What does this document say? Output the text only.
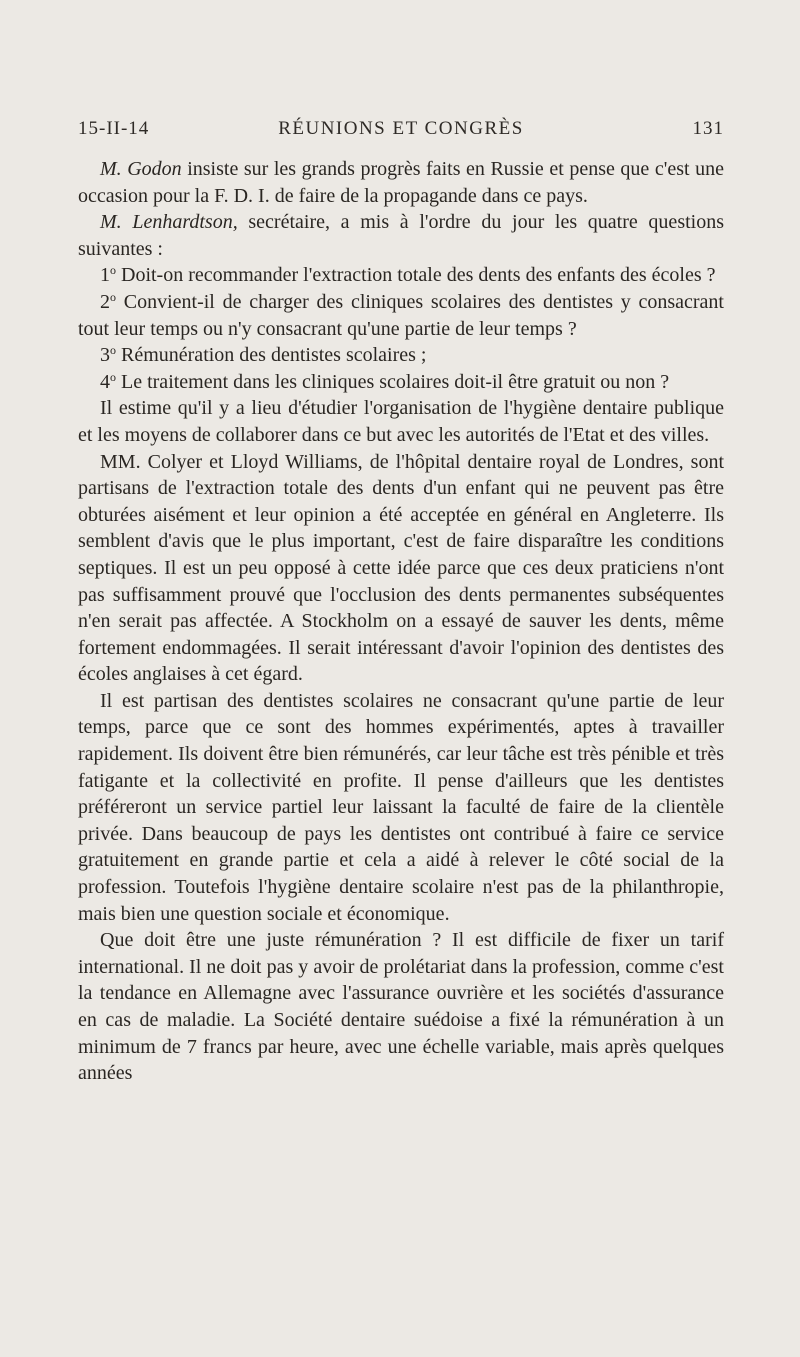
15-II-14	RÉUNIONS ET CONGRÈS	131

M. Godon insiste sur les grands progrès faits en Russie et pense que c'est une occasion pour la F. D. I. de faire de la propagande dans ce pays.

M. Lenhardtson, secrétaire, a mis à l'ordre du jour les quatre questions suivantes :

1$^o$ Doit-on recommander l'extraction totale des dents des enfants des écoles ?

2$^o$ Convient-il de charger des cliniques scolaires des dentistes y consacrant tout leur temps ou n'y consacrant qu'une partie de leur temps ?

3$^o$ Rémunération des dentistes scolaires ;

4$^o$ Le traitement dans les cliniques scolaires doit-il être gratuit ou non ?

Il estime qu'il y a lieu d'étudier l'organisation de l'hygiène dentaire publique et les moyens de collaborer dans ce but avec les autorités de l'Etat et des villes.

MM. Colyer et Lloyd Williams, de l'hôpital dentaire royal de Londres, sont partisans de l'extraction totale des dents d'un enfant qui ne peuvent pas être obturées aisément et leur opinion a été acceptée en général en Angleterre. Ils semblent d'avis que le plus important, c'est de faire disparaître les conditions septiques. Il est un peu opposé à cette idée parce que ces deux praticiens n'ont pas suffisamment prouvé que l'occlusion des dents permanentes subséquentes n'en serait pas affectée. A Stockholm on a essayé de sauver les dents, même fortement endommagées. Il serait intéressant d'avoir l'opinion des dentistes des écoles anglaises à cet égard.

Il est partisan des dentistes scolaires ne consacrant qu'une partie de leur temps, parce que ce sont des hommes expérimentés, aptes à travailler rapidement. Ils doivent être bien rémunérés, car leur tâche est très pénible et très fatigante et la collectivité en profite. Il pense d'ailleurs que les dentistes préféreront un service partiel leur laissant la faculté de faire de la clientèle privée. Dans beaucoup de pays les dentistes ont contribué à faire ce service gratuitement en grande partie et cela a aidé à relever le côté social de la profession. Toutefois l'hygiène dentaire scolaire n'est pas de la philanthropie, mais bien une question sociale et économique.

Que doit être une juste rémunération ? Il est difficile de fixer un tarif international. Il ne doit pas y avoir de prolétariat dans la profession, comme c'est la tendance en Allemagne avec l'assurance ouvrière et les sociétés d'assurance en cas de maladie. La Société dentaire suédoise a fixé la rémunération à un minimum de 7 francs par heure, avec une échelle variable, mais après quelques années
